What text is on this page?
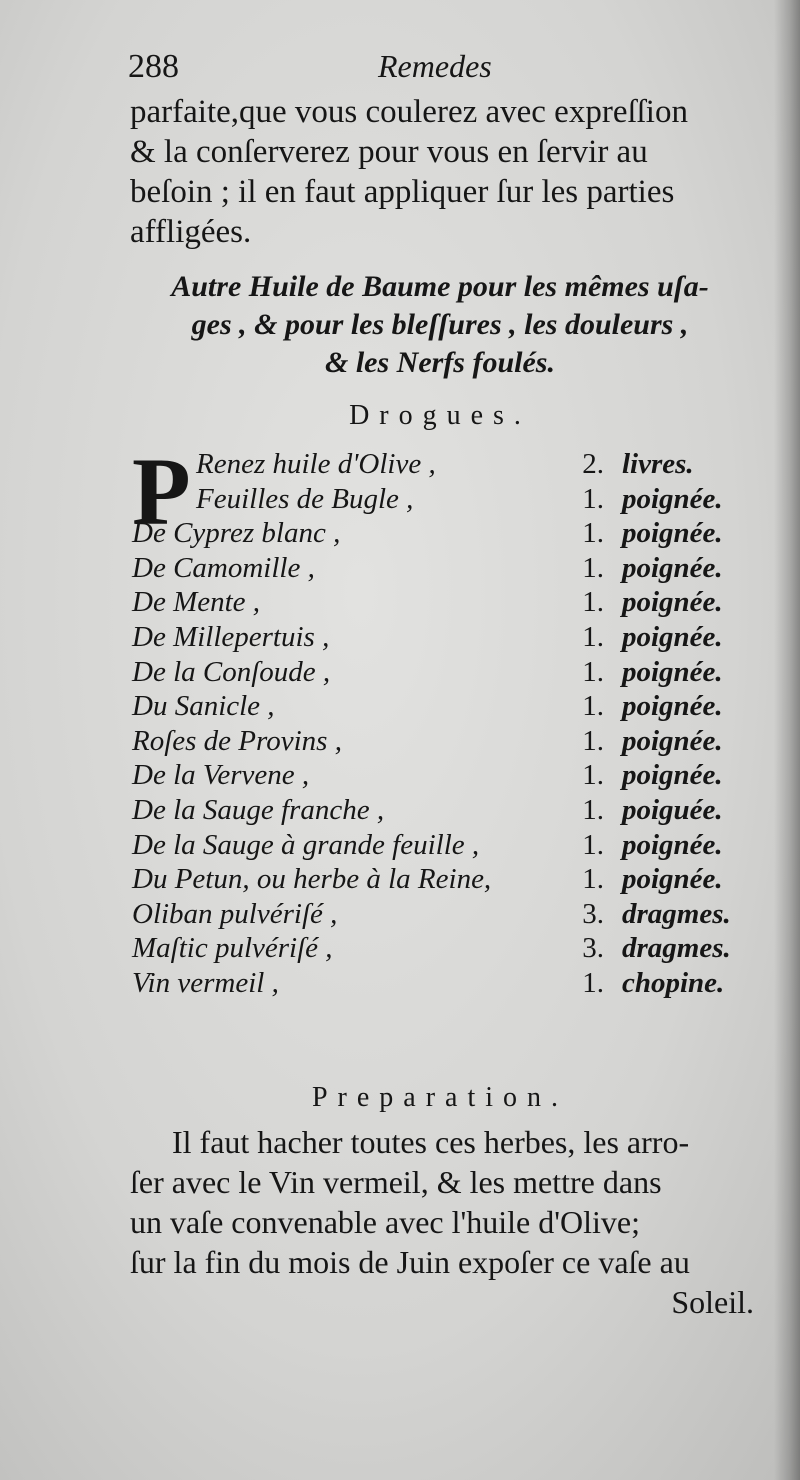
288	Remedes
parfaite,que vous coulerez avec expreſſion
& la conſerverez pour vous en ſervir au
beſoin ; il en faut appliquer ſur les parties
affligées.
Autre Huile de Baume pour les mêmes uſa-
ges , & pour les bleſſures , les douleurs ,
& les Nerfs foulés.
Drogues.
P Renez huile d'Olive ,	2. livres.
Feuilles de Bugle ,	1. poignée.
De Cyprez blanc ,	1. poignée.
De Camomille ,	1. poignée.
De Mente ,	1. poignée.
De Millepertuis ,	1. poignée.
De la Conſoude ,	1. poignée.
Du Sanicle ,	1. poignée.
Roſes de Provins ,	1. poignée.
De la Vervene ,	1. poignée.
De la Sauge franche ,	1. poiguée.
De la Sauge à grande feuille ,	1. poignée.
Du Petun, ou herbe à la Reine,	1. poignée.
Oliban pulvériſé ,	3. dragmes.
Maſtic pulvériſé ,	3. dragmes.
Vin vermeil ,	1. chopine.
Preparation.
Il faut hacher toutes ces herbes, les arro-
ſer avec le Vin vermeil, & les mettre dans
un vaſe convenable avec l'huile d'Olive;
ſur la fin du mois de Juin expoſer ce vaſe au
Soleil.
